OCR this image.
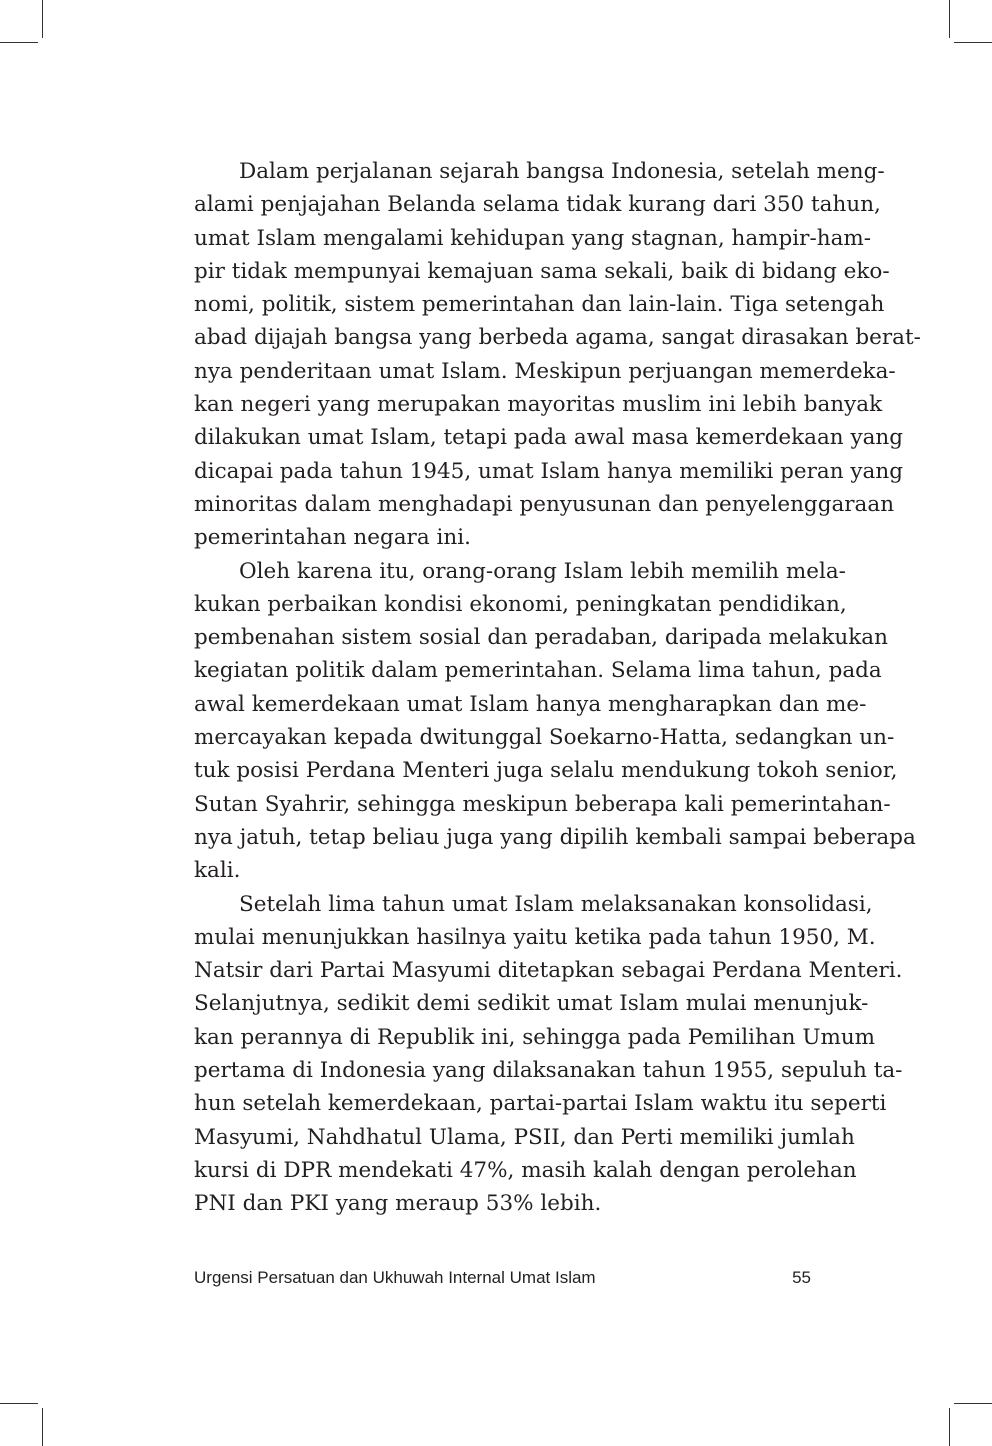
Dalam perjalanan sejarah bangsa Indonesia, setelah meng-
alami penjajahan Belanda selama tidak kurang dari 350 tahun,
umat Islam mengalami kehidupan yang stagnan, hampir-ham-
pir tidak mempunyai kemajuan sama sekali, baik di bidang eko-
nomi, politik, sistem pemerintahan dan lain-lain. Tiga setengah
abad dijajah bangsa yang berbeda agama, sangat dirasakan berat-
nya penderitaan umat Islam. Meskipun perjuangan memerdeka-
kan negeri yang merupakan mayoritas muslim ini lebih banyak
dilakukan umat Islam, tetapi pada awal masa kemerdekaan yang
dicapai pada tahun 1945, umat Islam hanya memiliki peran yang
minoritas dalam menghadapi penyusunan dan penyelenggaraan
pemerintahan negara ini.
Oleh karena itu, orang-orang Islam lebih memilih mela-
kukan perbaikan kondisi ekonomi, peningkatan pendidikan,
pembenahan sistem sosial dan peradaban, daripada melakukan
kegiatan politik dalam pemerintahan. Selama lima tahun, pada
awal kemerdekaan umat Islam hanya mengharapkan dan me-
mercayakan kepada dwitunggal Soekarno-Hatta, sedangkan un-
tuk posisi Perdana Menteri juga selalu mendukung tokoh senior,
Sutan Syahrir, sehingga meskipun beberapa kali pemerintahan-
nya jatuh, tetap beliau juga yang dipilih kembali sampai beberapa
kali.
Setelah lima tahun umat Islam melaksanakan konsolidasi,
mulai menunjukkan hasilnya yaitu ketika pada tahun 1950, M.
Natsir dari Partai Masyumi ditetapkan sebagai Perdana Menteri.
Selanjutnya, sedikit demi sedikit umat Islam mulai menunjuk-
kan perannya di Republik ini, sehingga pada Pemilihan Umum
pertama di Indonesia yang dilaksanakan tahun 1955, sepuluh ta-
hun setelah kemerdekaan, partai-partai Islam waktu itu seperti
Masyumi, Nahdhatul Ulama, PSII, dan Perti memiliki jumlah
kursi di DPR mendekati 47%, masih kalah dengan perolehan
PNI dan PKI yang meraup 53% lebih.
Urgensi Persatuan dan Ukhuwah Internal Umat Islam	55
